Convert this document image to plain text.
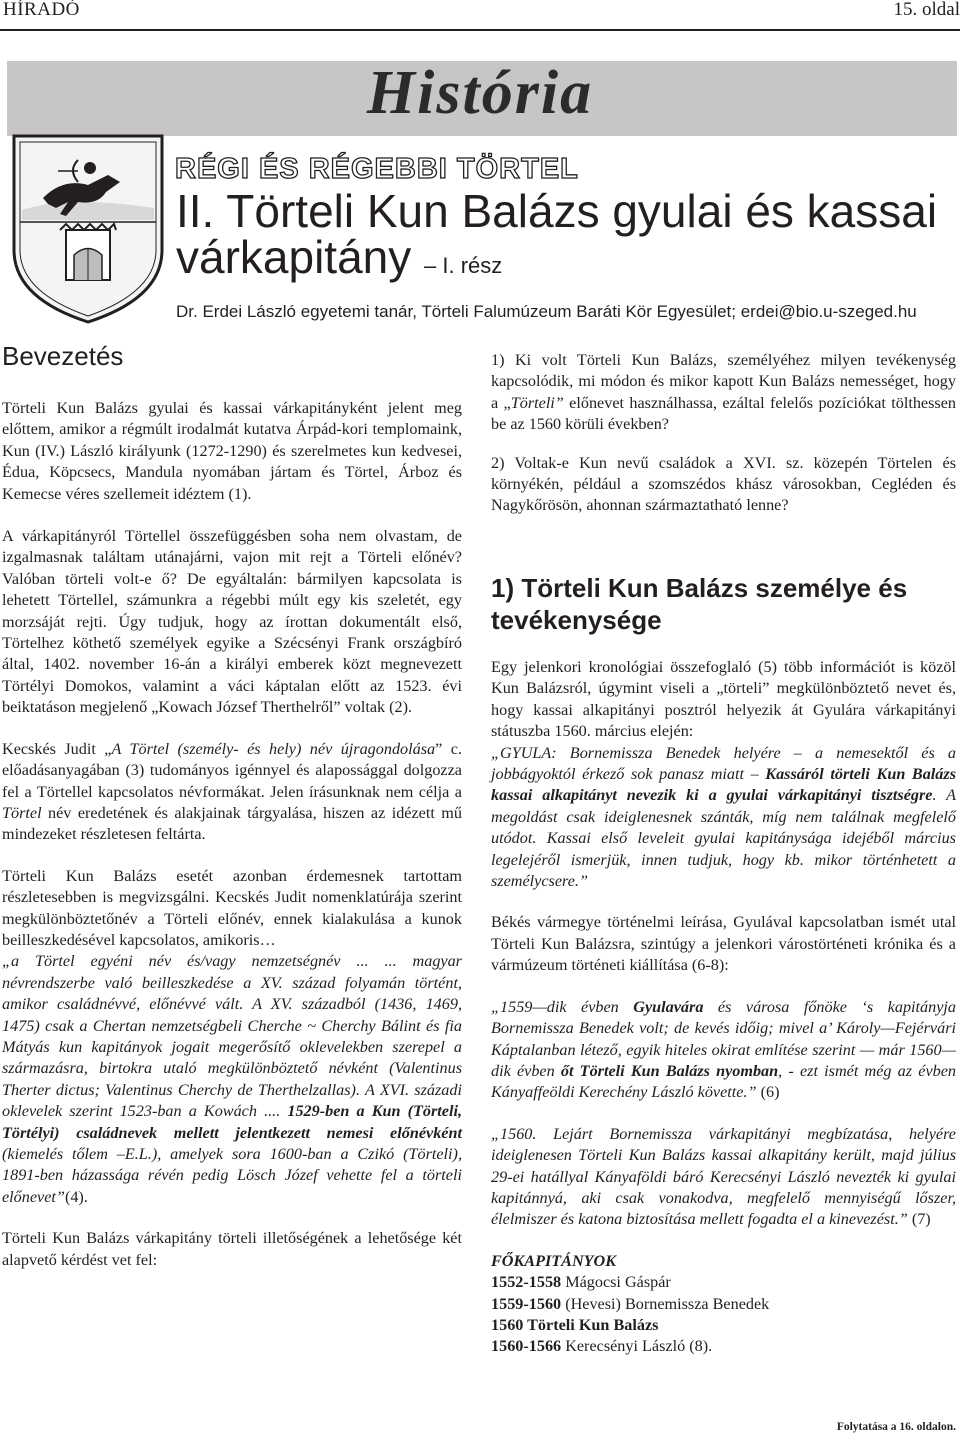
HÍRADÓ	15. oldal
História
RÉGI ÉS RÉGEBBI TÖRTEL
II. Törteli Kun Balázs gyulai és kassai várkapitány – I. rész
Dr. Erdei László egyetemi tanár, Törteli Falumúzeum Baráti Kör Egyesület; erdei@bio.u-szeged.hu
Bevezetés

Törteli Kun Balázs gyulai és kassai várkapitányként jelent meg előttem, amikor a régmúlt irodalmát kutatva Árpád-kori templomaink, Kun (IV.) László királyunk (1272-1290) és szerelmetes kun kedvesei, Édua, Köpcsecs, Mandula nyomában jártam és Törtel, Árboz és Kemecse véres szellemeit idéztem (1).

A várkapitányról Törtellel összefüggésben soha nem olvastam, de izgalmasnak találtam utánajárni, vajon mit rejt a Törteli előnév? Valóban törteli volt-e ő? De egyáltalán: bármilyen kapcsolata is lehetett Törtellel, számunkra a régebbi múlt egy kis szeletét, egy morzsáját rejti. Úgy tudjuk, hogy az írottan dokumentált első, Törtelhez köthető személyek egyike a Szécsényi Frank országbíró által, 1402. november 16-án a királyi emberek közt megnevezett Törtélyi Domokos, valamint a váci káptalan előtt az 1523. évi beiktatáson megjelenő „Kowach József Therthelről” voltak (2).

Kecskés Judit „A Törtel (személy- és hely) név újragondolása” c. előadásanyagában (3) tudományos igénnyel és alapossággal dolgozza fel a Törtellel kapcsolatos névformákat. Jelen írásunknak nem célja a Törtel név eredetének és alakjainak tárgyalása, hiszen az idézett mű mindezeket részletesen feltárta.

Törteli Kun Balázs esetét azonban érdemesnek tartottam részletesebben is megvizsgálni. Kecskés Judit nomenklatúrája szerint megkülönböztetőnév a Törteli előnév, ennek kialakulása a kunok beilleszkedésével kapcsolatos, amikoris…

„a Törtel egyéni név és/vagy nemzetségnév ... ... magyar névrendszerbe való beilleszkedése a XV. század folyamán történt, amikor családnévvé, előnévvé vált. A XV. századból (1436, 1469, 1475) csak a Chertan nemzetségbeli Cherche ~ Cherchy Bálint és fia Mátyás kun kapitányok jogait megerősítő oklevelekben szerepel a származásra, birtokra utaló megkülönböztető névként (Valentinus Therter dictus; Valentinus Cherchy de Therthelzallas). A XVI. századi oklevelek szerint 1523-ban a Kowách .... 1529-ben a Kun (Törteli, Törtélyi) családnevek mellett jelentkezett nemesi előnévként (kiemelés tőlem –E.L.), amelyek sora 1600-ban a Czikó (Törteli), 1891-ben házassága révén pedig Lösch Józef vehette fel a törteli előnevet”(4).

Törteli Kun Balázs várkapitány törteli illetőségének a lehetősége két alapvető kérdést vet fel:

1) Ki volt Törteli Kun Balázs, személyéhez milyen tevékenység kapcsolódik, mi módon és mikor kapott Kun Balázs nemességet, hogy a „Törteli” előnevet használhassa, ezáltal felelős pozíciókat tölthessen be az 1560 körüli években?

2) Voltak-e Kun nevű családok a XVI. sz. közepén Törtelen és környékén, például a szomszédos khász városokban, Cegléden és Nagykőrösön, ahonnan származtatható lenne?

1) Törteli Kun Balázs személye és tevékenysége

Egy jelenkori kronológiai összefoglaló (5) több információt is közöl Kun Balázsról, úgymint viseli a „törteli” megkülönböztető nevet és, hogy kassai alkapitányi posztról helyezik át Gyulára várkapitányi státuszba 1560. március elején:

„GYULA: Bornemissza Benedek helyére – a nemesektől és a jobbágyoktól érkező sok panasz miatt – Kassáról törteli Kun Balázs kassai alkapitányt nevezik ki a gyulai várkapitányi tisztségre. A megoldást csak ideiglenesnek szánták, míg nem találnak megfelelő utódot. Kassai első leveleit gyulai kapitánysága idejéből március legelejéről ismerjük, innen tudjuk, hogy kb. mikor történhetett a személycsere.”

Békés vármegye történelmi leírása, Gyulával kapcsolatban ismét utal Törteli Kun Balázsra, szintúgy a jelenkori várostörténeti krónika és a vármúzeum történeti kiállítása (6-8):

„1559—dik évben Gyulavára és városa főnöke ‘s kapitányja Bornemissza Benedek volt; de kevés időig; mivel a’ Károly—Fejérvári Káptalanban létező, egyik hiteles okirat említése szerint — már 1560—dik évben őt Törteli Kun Balázs nyomban, - ezt ismét még az évben Kányaffeöldi Kerechény László követte.” (6)

„1560. Lejárt Bornemissza várkapitányi megbízatása, helyére ideiglenesen Törteli Kun Balázs kassai alkapitány került, majd július 29-ei hatállyal Kányaföldi báró Kerecsényi László nevezték ki gyulai kapitánnyá, aki csak vonakodva, megfelelő mennyiségű lőszer, élelmiszer és katona biztosítása mellett fogadta el a kinevezést.” (7)

FŐKAPITÁNYOK

1552-1558 Mágocsi Gáspár

1559-1560 (Hevesi) Bornemissza Benedek

1560 Törteli Kun Balázs

1560-1566 Kerecsényi László (8).

Folytatása a 16. oldalon.
